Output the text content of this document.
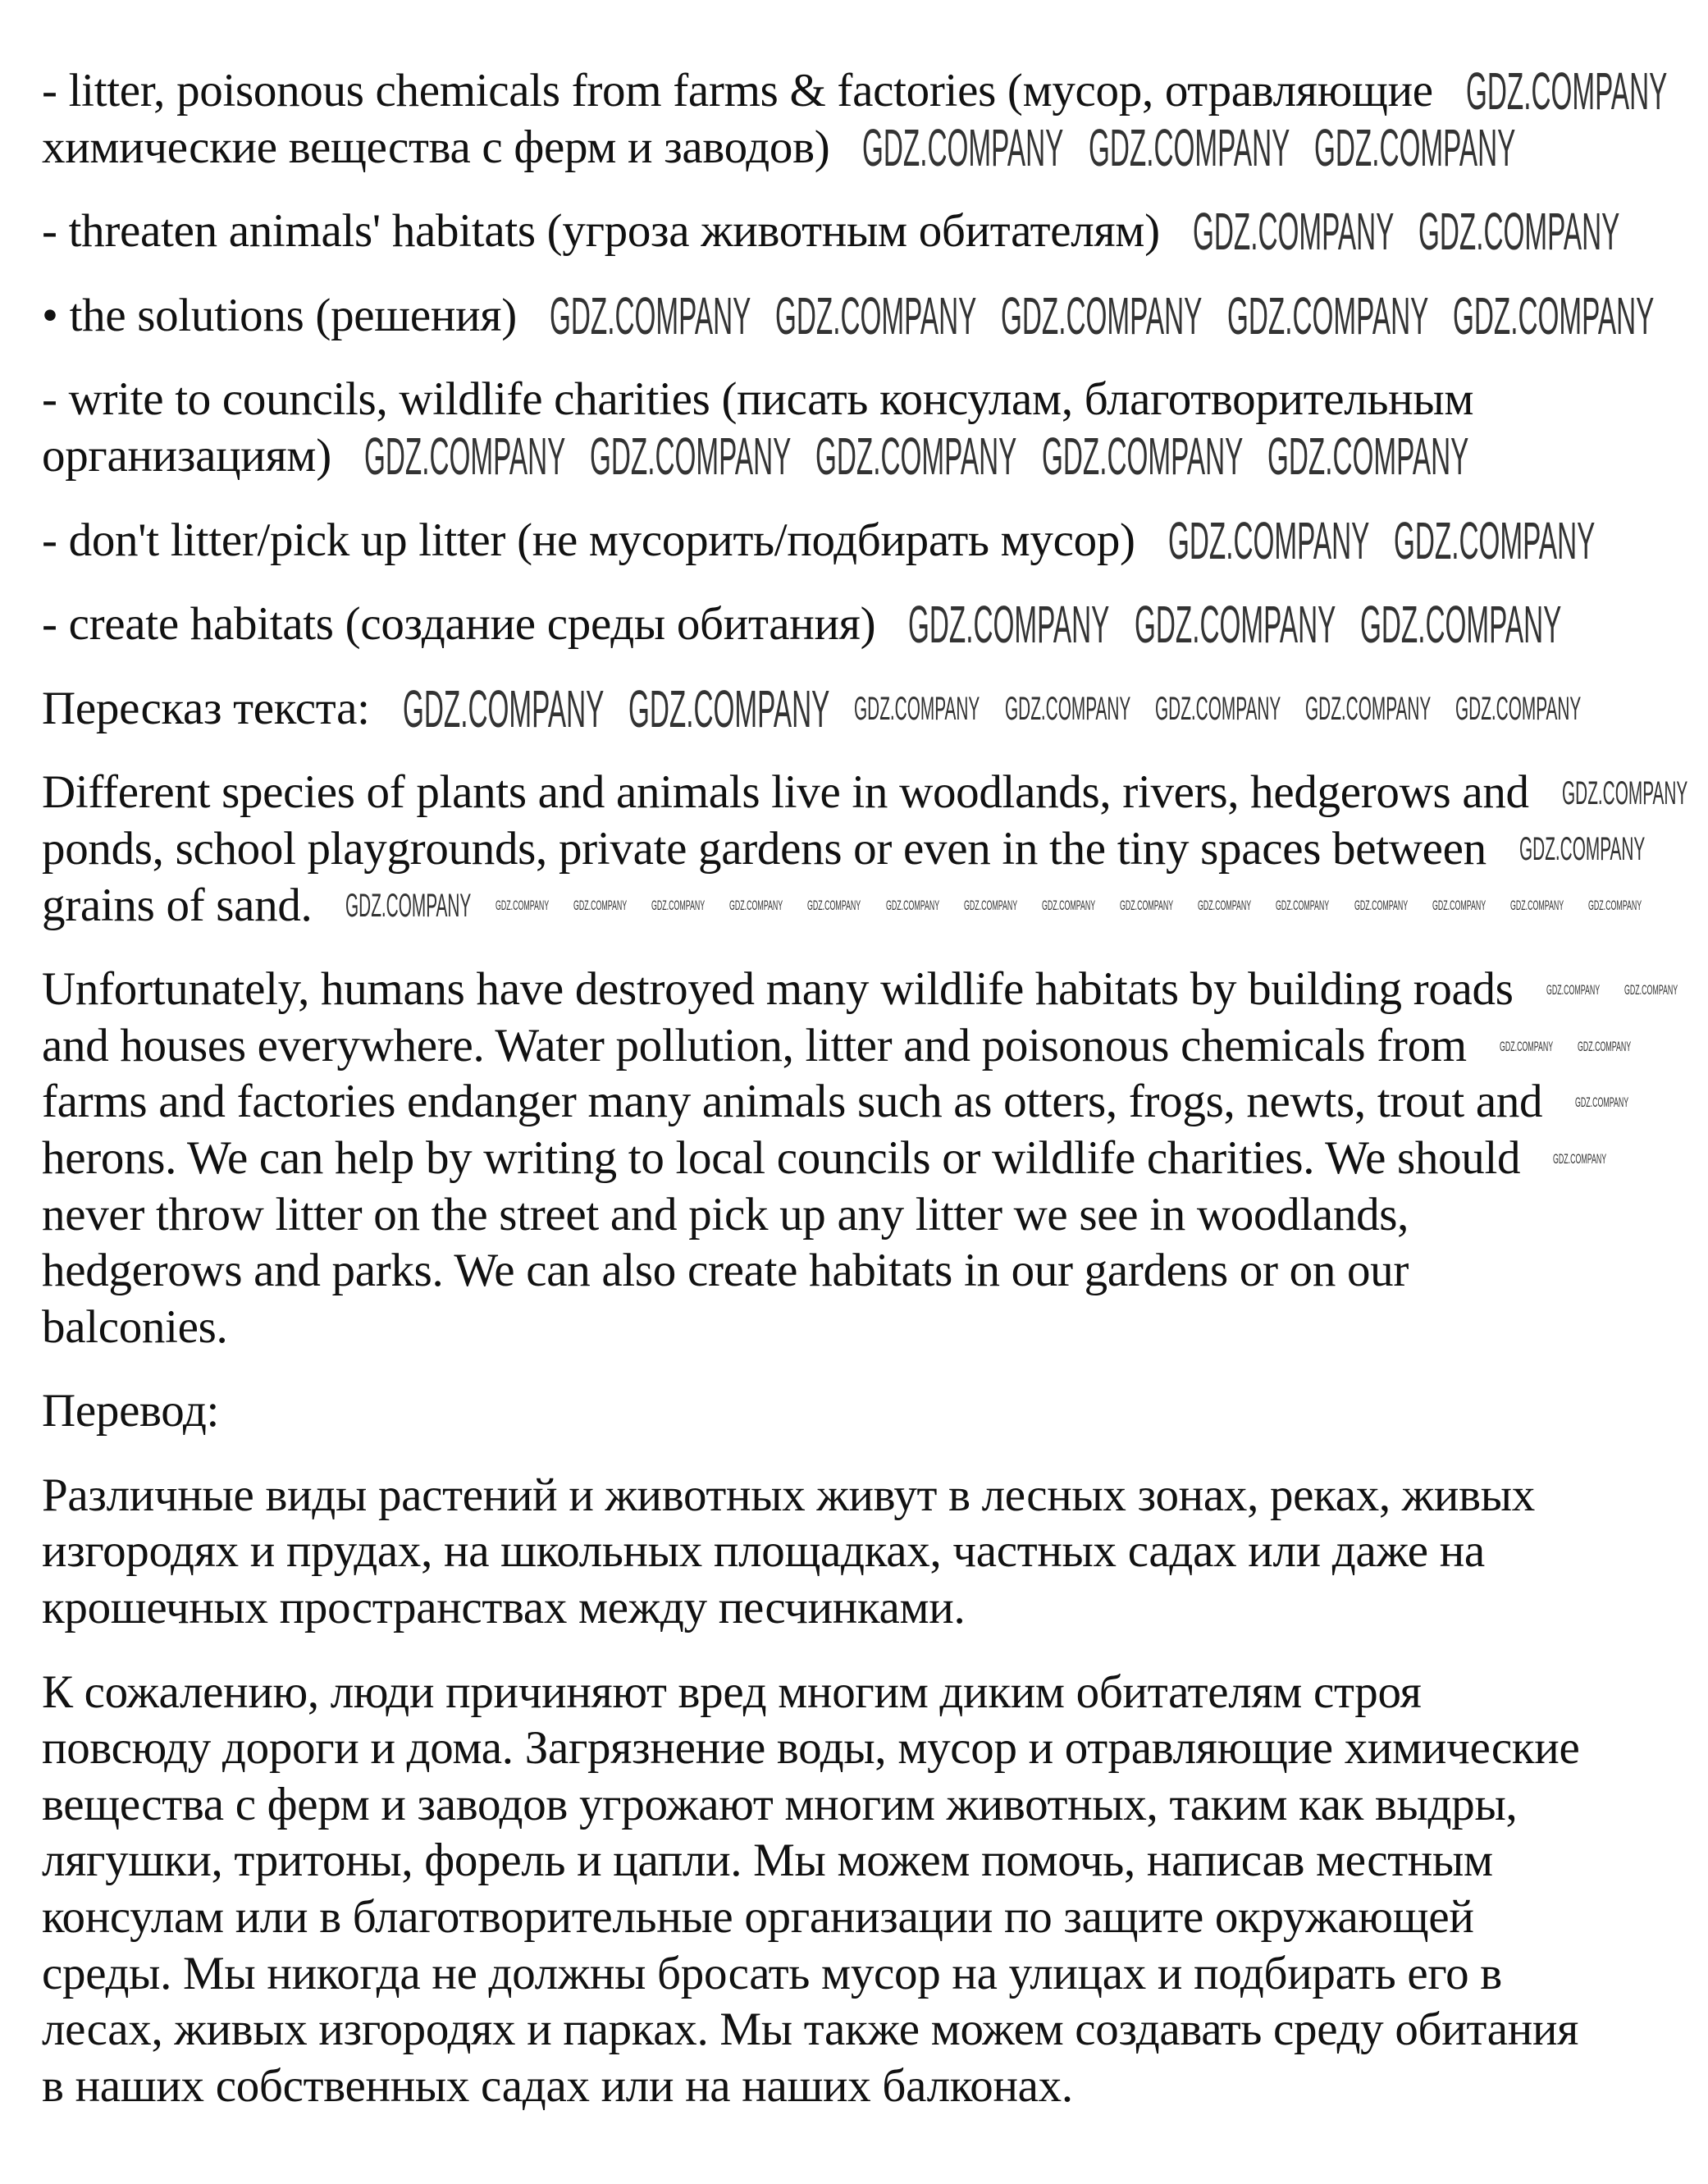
- litter, poisonous chemicals from farms & factories (мусор, отравляющие GDZ.COMPANY
химические вещества с ферм и заводов) GDZ.COMPANY GDZ.COMPANY GDZ.COMPANY
- threaten animals' habitats (угроза животным обитателям) GDZ.COMPANY GDZ.COMPANY
• the solutions (решения) GDZ.COMPANY GDZ.COMPANY GDZ.COMPANY GDZ.COMPANY GDZ.COMPANY
- write to councils, wildlife charities (писать консулам, благотворительным
организациям) GDZ.COMPANY GDZ.COMPANY GDZ.COMPANY GDZ.COMPANY GDZ.COMPANY
- don't litter/pick up litter (не мусорить/подбирать мусор) GDZ.COMPANY GDZ.COMPANY
- create habitats (создание среды обитания) GDZ.COMPANY GDZ.COMPANY GDZ.COMPANY
Пересказ текста: GDZ.COMPANY GDZ.COMPANY GDZ.COMPANY GDZ.COMPANY GDZ.COMPANY GDZ.COMPANY GDZ.COMPANY
Different species of plants and animals live in woodlands, rivers, hedgerows and GDZ.COMPANY
ponds, school playgrounds, private gardens or even in the tiny spaces between GDZ.COMPANY
grains of sand. GDZ.COMPANY GDZ.COMPANY GDZ.COMPANY GDZ.COMPANY GDZ.COMPANY GDZ.COMPANY GDZ.COMPANY GDZ.COMPANY GDZ.COMPANY GDZ.COMPANY GDZ.COMPANY GDZ.COMPANY GDZ.COMPANY GDZ.COMPANY GDZ.COMPANY GDZ.COMPANY
Unfortunately, humans have destroyed many wildlife habitats by building roads GDZ.COMPANY GDZ.COMPANY
and houses everywhere. Water pollution, litter and poisonous chemicals from GDZ.COMPANY GDZ.COMPANY
farms and factories endanger many animals such as otters, frogs, newts, trout and GDZ.COMPANY
herons. We can help by writing to local councils or wildlife charities. We should GDZ.COMPANY
never throw litter on the street and pick up any litter we see in woodlands,
hedgerows and parks. We can also create habitats in our gardens or on our
balconies.
Перевод:
Различные виды растений и животных живут в лесных зонах, реках, живых
изгородях и прудах, на школьных площадках, частных садах или даже на
крошечных пространствах между песчинками.
К сожалению, люди причиняют вред многим диким обитателям строя
повсюду дороги и дома. Загрязнение воды, мусор и отравляющие химические
вещества с ферм и заводов угрожают многим животных, таким как выдры,
лягушки, тритоны, форель и цапли. Мы можем помочь, написав местным
консулам или в благотворительные организации по защите окружающей
среды. Мы никогда не должны бросать мусор на улицах и подбирать его в
лесах, живых изгородях и парках. Мы также можем создавать среду обитания
в наших собственных садах или на наших балконах.
